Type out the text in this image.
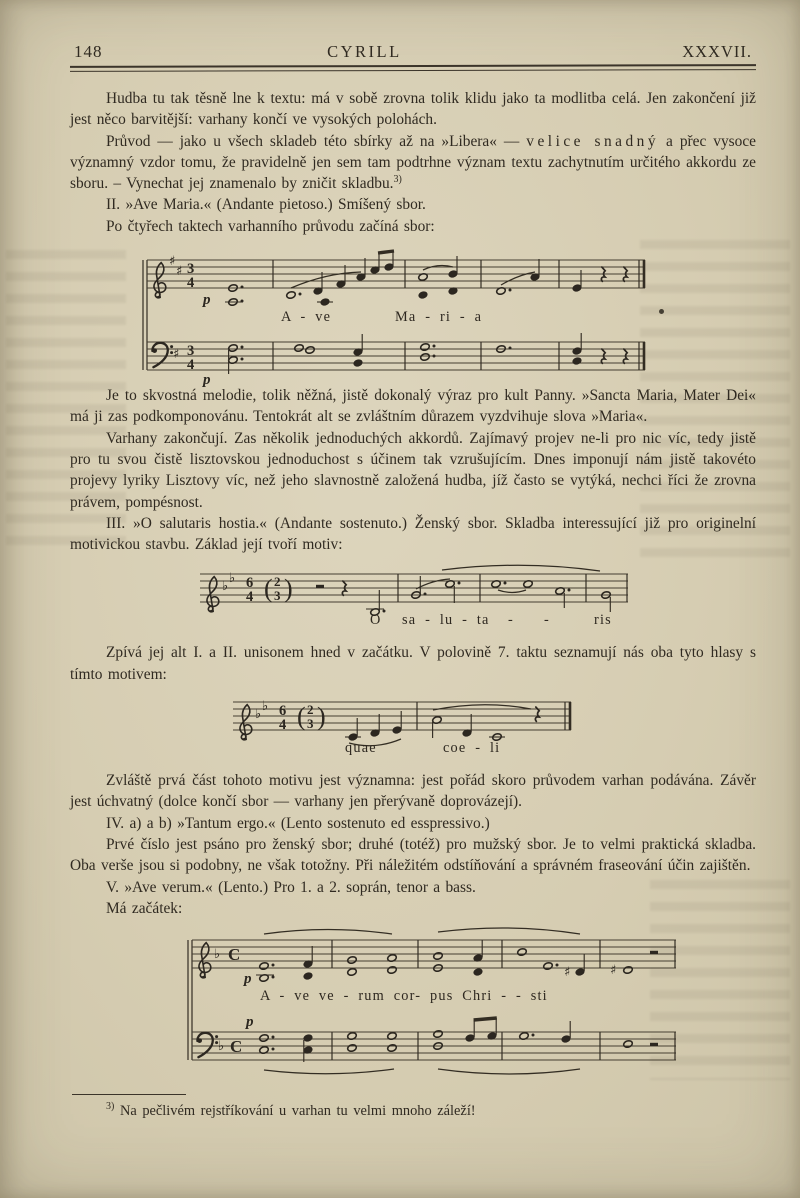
148	CYRILL	XXXVII.

Hudba tu tak těsně lne k textu: má v sobě zrovna tolik klidu jako ta modlitba celá. Jen zakončení již jest něco barvitější: varhany končí ve vysokých polohách.

Průvod — jako u všech skladeb této sbírky až na »Libera« — velice snadný a přec vysoce významný vzdor tomu, že pravidelně jen sem tam podtrhne význam textu zachytnutím určitého akkordu ze sboru. – Vynechat jej znamenalo by zničit skladbu.$^{3)}$

II. »Ave Maria.« (Andante pietoso.) Smíšený sbor.

Po čtyřech taktech varhanního průvodu začíná sbor:

♯
♯ 3
4
p
A - ve	Ma - ri - a
♯ 3
4
p

Je to skvostná melodie, tolik něžná, jistě dokonalý výraz pro kult Panny. »Sancta Maria, Mater Dei« má ji zas podkomponovánu. Tentokrát alt se zvláštním důrazem vyzdvihuje slova »Maria«.

Varhany zakončují. Zas několik jednoduchých akkordů. Zajímavý projev ne-li pro nic víc, tedy jistě pro tu svou čistě lisztovskou jednoduchost s účinem tak vzrušujícím. Dnes imponují nám jistě takovéto projevy lyriky Lisztovy víc, než jeho slavnostně založená hudba, jíž často se vytýká, nechci říci že zrovna právem, pompésnost.

III. »O salutaris hostia.« (Andante sostenuto.) Ženský sbor. Skladba interessující již pro originelní motivickou stavbu. Základ její tvoří motiv:

♭
♭ 6
4 ( 2
3 )
O sa - lu - ta - -	ris

Zpívá jej alt I. a II. unisonem hned v začátku. V polovině 7. taktu seznamují nás oba tyto hlasy s tímto motivem:

♭
♭ 6
4 ( 2
3 )
quae	coe - li

Zvláště prvá část tohoto motivu jest významna: jest pořád skoro průvodem varhan podávána. Závěr jest úchvatný (dolce končí sbor — varhany jen přerývaně doprovázejí).

IV. a) a b) »Tantum ergo.« (Lento sostenuto ed esspressivo.)

Prvé číslo jest psáno pro ženský sbor; druhé (totéž) pro mužský sbor. Je to velmi praktická skladba. Oba verše jsou si podobny, ne však totožny. Při náležitém odstíňování a správném fraseování účin zajištěn.

V. »Ave verum.« (Lento.) Pro 1. a 2. soprán, tenor a bass.

Má začátek:

♭ C
p	♯	♯
A - ve ve - rum cor- pus Chri - - sti
♭ C
p

$^{3)}$ Na pečlivém rejstříkování u varhan tu velmi mnoho záleží!
